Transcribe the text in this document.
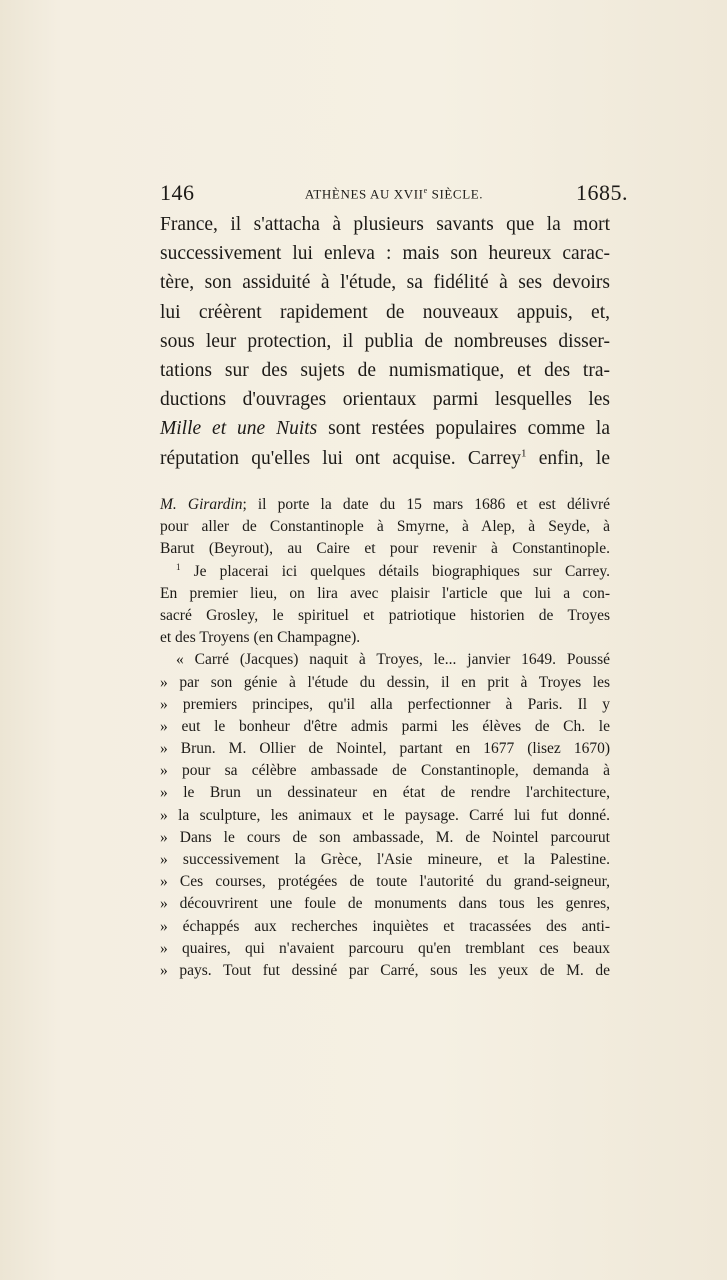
146	ATHÈNES AU XVIIe SIÈCLE.	1685.
France, il s'attacha à plusieurs savants que la mort
successivement lui enleva : mais son heureux carac-
tère, son assiduité à l'étude, sa fidélité à ses devoirs
lui créèrent rapidement de nouveaux appuis, et,
sous leur protection, il publia de nombreuses disser-
tations sur des sujets de numismatique, et des tra-
ductions d'ouvrages orientaux parmi lesquelles les
Mille et une Nuits sont restées populaires comme la
réputation qu'elles lui ont acquise. Carrey$^1$ enfin, le
M. Girardin; il porte la date du 15 mars 1686 et est délivré
pour aller de Constantinople à Smyrne, à Alep, à Seyde, à
Barut (Beyrout), au Caire et pour revenir à Constantinople.
$^1$ Je placerai ici quelques détails biographiques sur Carrey.
En premier lieu, on lira avec plaisir l'article que lui a con-
sacré Grosley, le spirituel et patriotique historien de Troyes
et des Troyens (en Champagne).
« Carré (Jacques) naquit à Troyes, le... janvier 1649. Poussé
» par son génie à l'étude du dessin, il en prit à Troyes les
» premiers principes, qu'il alla perfectionner à Paris. Il y
» eut le bonheur d'être admis parmi les élèves de Ch. le
» Brun. M. Ollier de Nointel, partant en 1677 (lisez 1670)
» pour sa célèbre ambassade de Constantinople, demanda à
» le Brun un dessinateur en état de rendre l'architecture,
» la sculpture, les animaux et le paysage. Carré lui fut donné.
» Dans le cours de son ambassade, M. de Nointel parcourut
» successivement la Grèce, l'Asie mineure, et la Palestine.
» Ces courses, protégées de toute l'autorité du grand-seigneur,
» découvrirent une foule de monuments dans tous les genres,
» échappés aux recherches inquiètes et tracassées des anti-
» quaires, qui n'avaient parcouru qu'en tremblant ces beaux
» pays. Tout fut dessiné par Carré, sous les yeux de M. de
